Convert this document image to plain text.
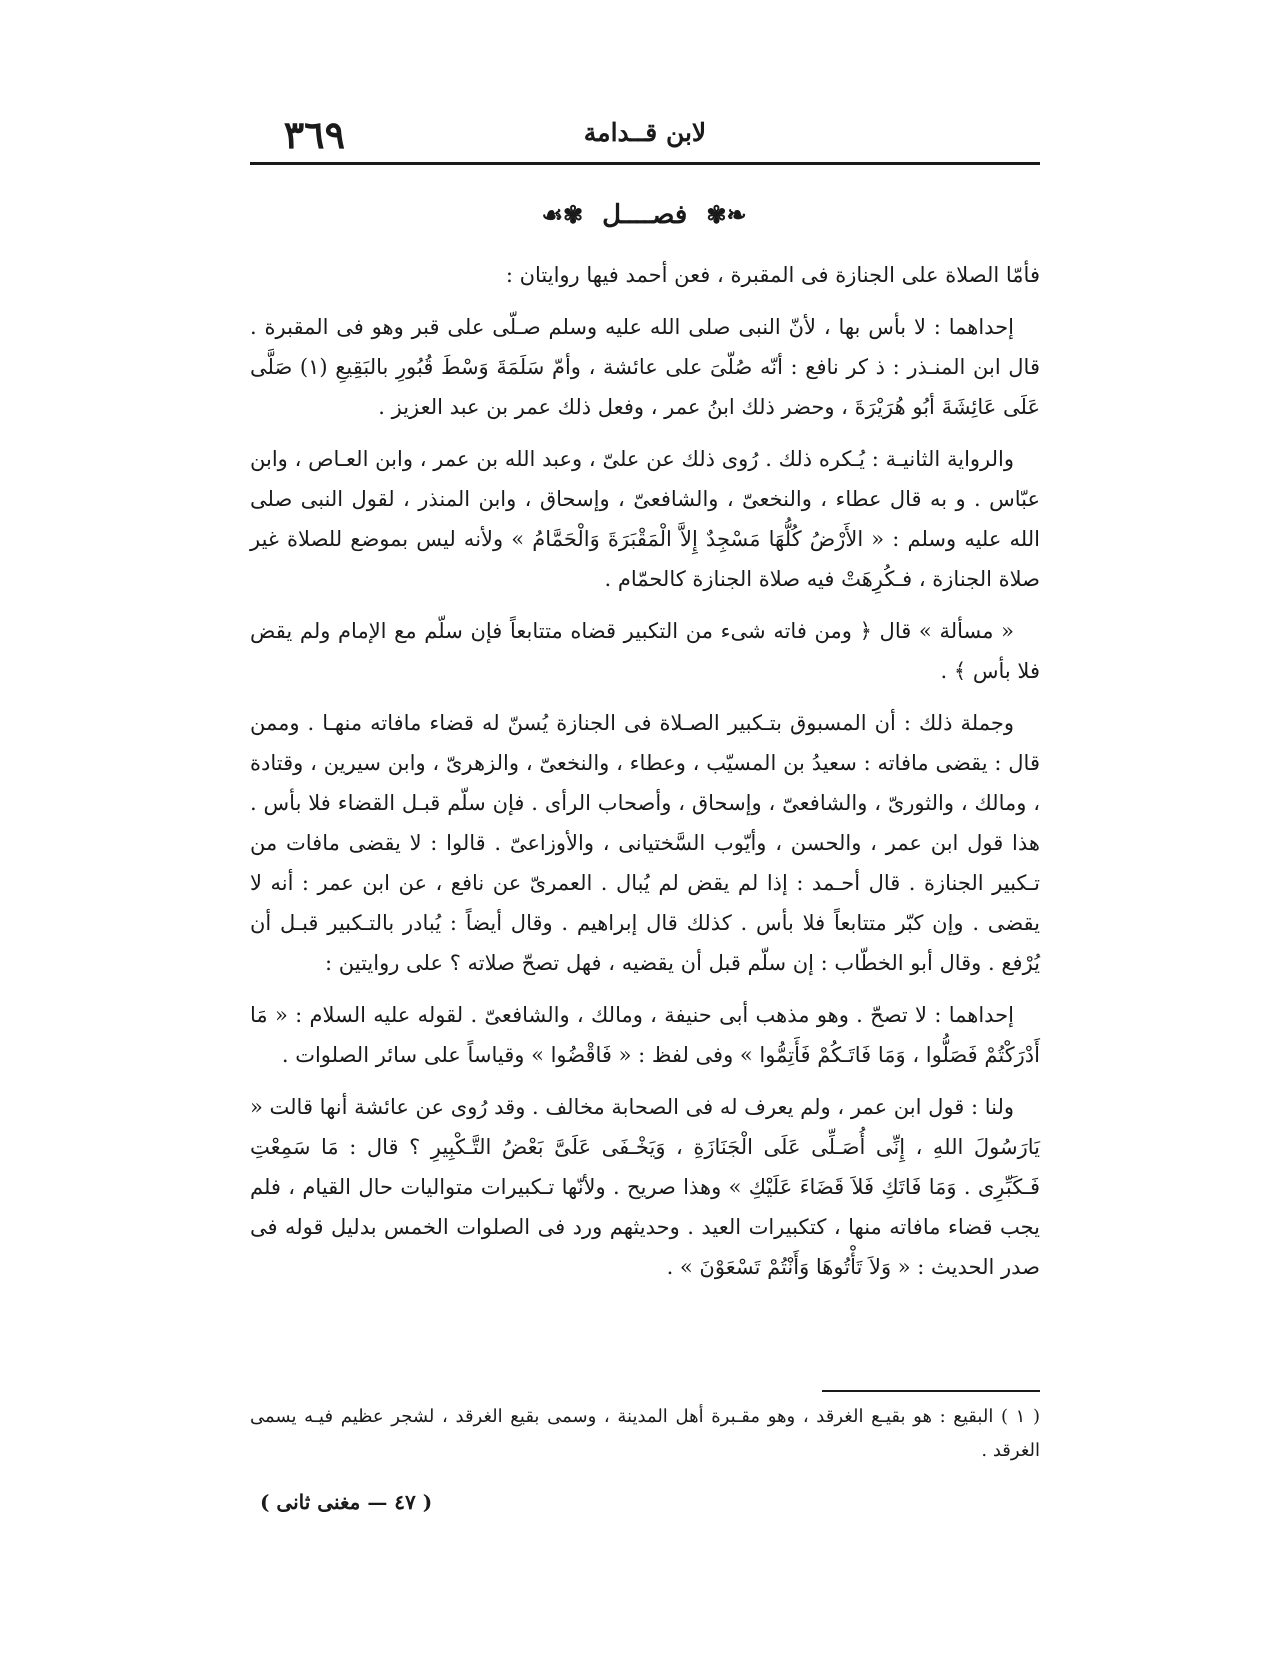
لابن قــدامة
٣٦٩
❧✾ فصــــل ✾☙

فأمّا الصلاة على الجنازة فى المقبرة ، فعن أحمد فيها روايتان :

إحداهما : لا بأس بها ، لأنّ النبى صلى الله عليه وسلم صـلّى على قبر وهو فى المقبرة . قال ابن المنـذر : ذ كر نافع : أنّه صُلّىَ على عائشة ، وأمّ سَلَمَةَ وَسْطَ قُبُورِ بالبَقِيعِ (١) صَلَّى عَلَى عَائِشَةَ أبُو هُرَيْرَةَ ، وحضر ذلك ابنُ عمر ، وفعل ذلك عمر بن عبد العزيز .

والرواية الثانيـة : يُـكره ذلك . رُوى ذلك عن علىّ ، وعبد الله بن عمر ، وابن العـاص ، وابن عبّاس . و به قال عطاء ، والنخعىّ ، والشافعىّ ، وإسحاق ، وابن المنذر ، لقول النبى صلى الله عليه وسلم : « الأَرْضُ كُلُّهَا مَسْجِدٌ إِلاَّ الْمَقْبَرَةَ وَالْحَمَّامُ » ولأنه ليس بموضع للصلاة غير صلاة الجنازة ، فـكُرِهَتْ فيه صلاة الجنازة كالحمّام .

« مسألة » قال ﴿ ومن فاته شىء من التكبير قضاه متتابعاً فإن سلّم مع الإمام ولم يقض فلا بأس ﴾ .

وجملة ذلك : أن المسبوق بتـكبير الصـلاة فى الجنازة يُسنّ له قضاء مافاته منهـا . وممن قال : يقضى مافاته : سعيدُ بن المسيّب ، وعطاء ، والنخعىّ ، والزهرىّ ، وابن سيرين ، وقتادة ، ومالك ، والثورىّ ، والشافعىّ ، وإسحاق ، وأصحاب الرأى . فإن سلّم قبـل القضاء فلا بأس . هذا قول ابن عمر ، والحسن ، وأيّوب السَّختيانى ، والأوزاعىّ . قالوا : لا يقضى مافات من تـكبير الجنازة . قال أحـمد : إذا لم يقض لم يُبال . العمرىّ عن نافع ، عن ابن عمر : أنه لا يقضى . وإن كبّر متتابعاً فلا بأس . كذلك قال إبراهيم . وقال أيضاً : يُبادر بالتـكبير قبـل أن يُرْفع . وقال أبو الخطّاب : إن سلّم قبل أن يقضيه ، فهل تصحّ صلاته ؟ على روايتين :

إحداهما : لا تصحّ . وهو مذهب أبى حنيفة ، ومالك ، والشافعىّ . لقوله عليه السلام : « مَا أَدْرَكْتُمْ فَصَلُّوا ، وَمَا فَاتَـكُمْ فَأَتِمُّوا » وفى لفظ : « فَاقْضُوا » وقياساً على سائر الصلوات .

ولنا : قول ابن عمر ، ولم يعرف له فى الصحابة مخالف . وقد رُوى عن عائشة أنها قالت « يَارَسُولَ اللهِ ، إِنِّى أُصَـلِّى عَلَى الْجَنَازَةِ ، وَيَخْـفَى عَلَىَّ بَعْضُ التَّـكْبِيرِ ؟ قال : مَا سَمِعْتِ فَـكَبِّرِى . وَمَا فَاتَكِ فَلاَ قَضَاءَ عَلَيْكِ » وهذا صريح . ولأنّها تـكبيرات متواليات حال القيام ، فلم يجب قضاء مافاته منها ، كتكبيرات العيد . وحديثهم ورد فى الصلوات الخمس بدليل قوله فى صدر الحديث : « وَلاَ تَأْتُوهَا وَأَنْتُمْ تَسْعَوْنَ » .

( ١ ) البقيع : هو بقيـع الغرقد ، وهو مقـبرة أهل المدينة ، وسمى بقيع الغرقد ، لشجر عظيم فيـه يسمى الغرقد .
( ٤٧ — مغنى ثانى )
